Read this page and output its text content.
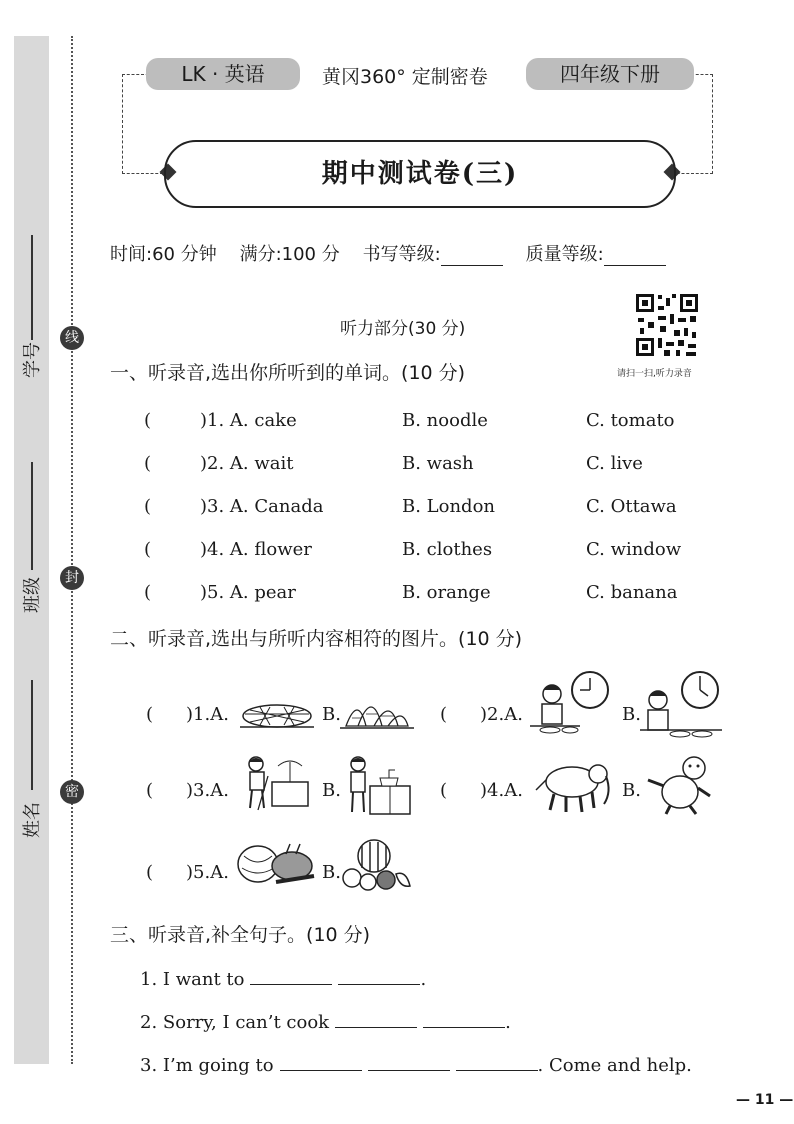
学号
班级
姓名
线
封
密
LK · 英语	黄冈360° 定制密卷	四年级下册
期中测试卷(三)
时间:60 分钟 满分:100 分 书写等级:	质量等级:
听力部分(30 分)
请扫一扫,听力录音
一、听录音,选出你所听到的单词。(10 分)
(	)1. A. cake	B. noodle	C. tomato
(	)2. A. wait	B. wash	C. live
(	)3. A. Canada	B. London	C. Ottawa
(	)4. A. flower	B. clothes	C. window
(	)5. A. pear	B. orange	C. banana
二、听录音,选出与所听内容相符的图片。(10 分)
( )1.A.	B.	( )2.A.	B.
( )3.A.	B.	( )4.A.	B.
( )5.A.	B.
三、听录音,补全句子。(10 分)
1. I want to	.
2. Sorry, I can’t cook	.
3. I’m going to	. Come and help.
— 11 —
